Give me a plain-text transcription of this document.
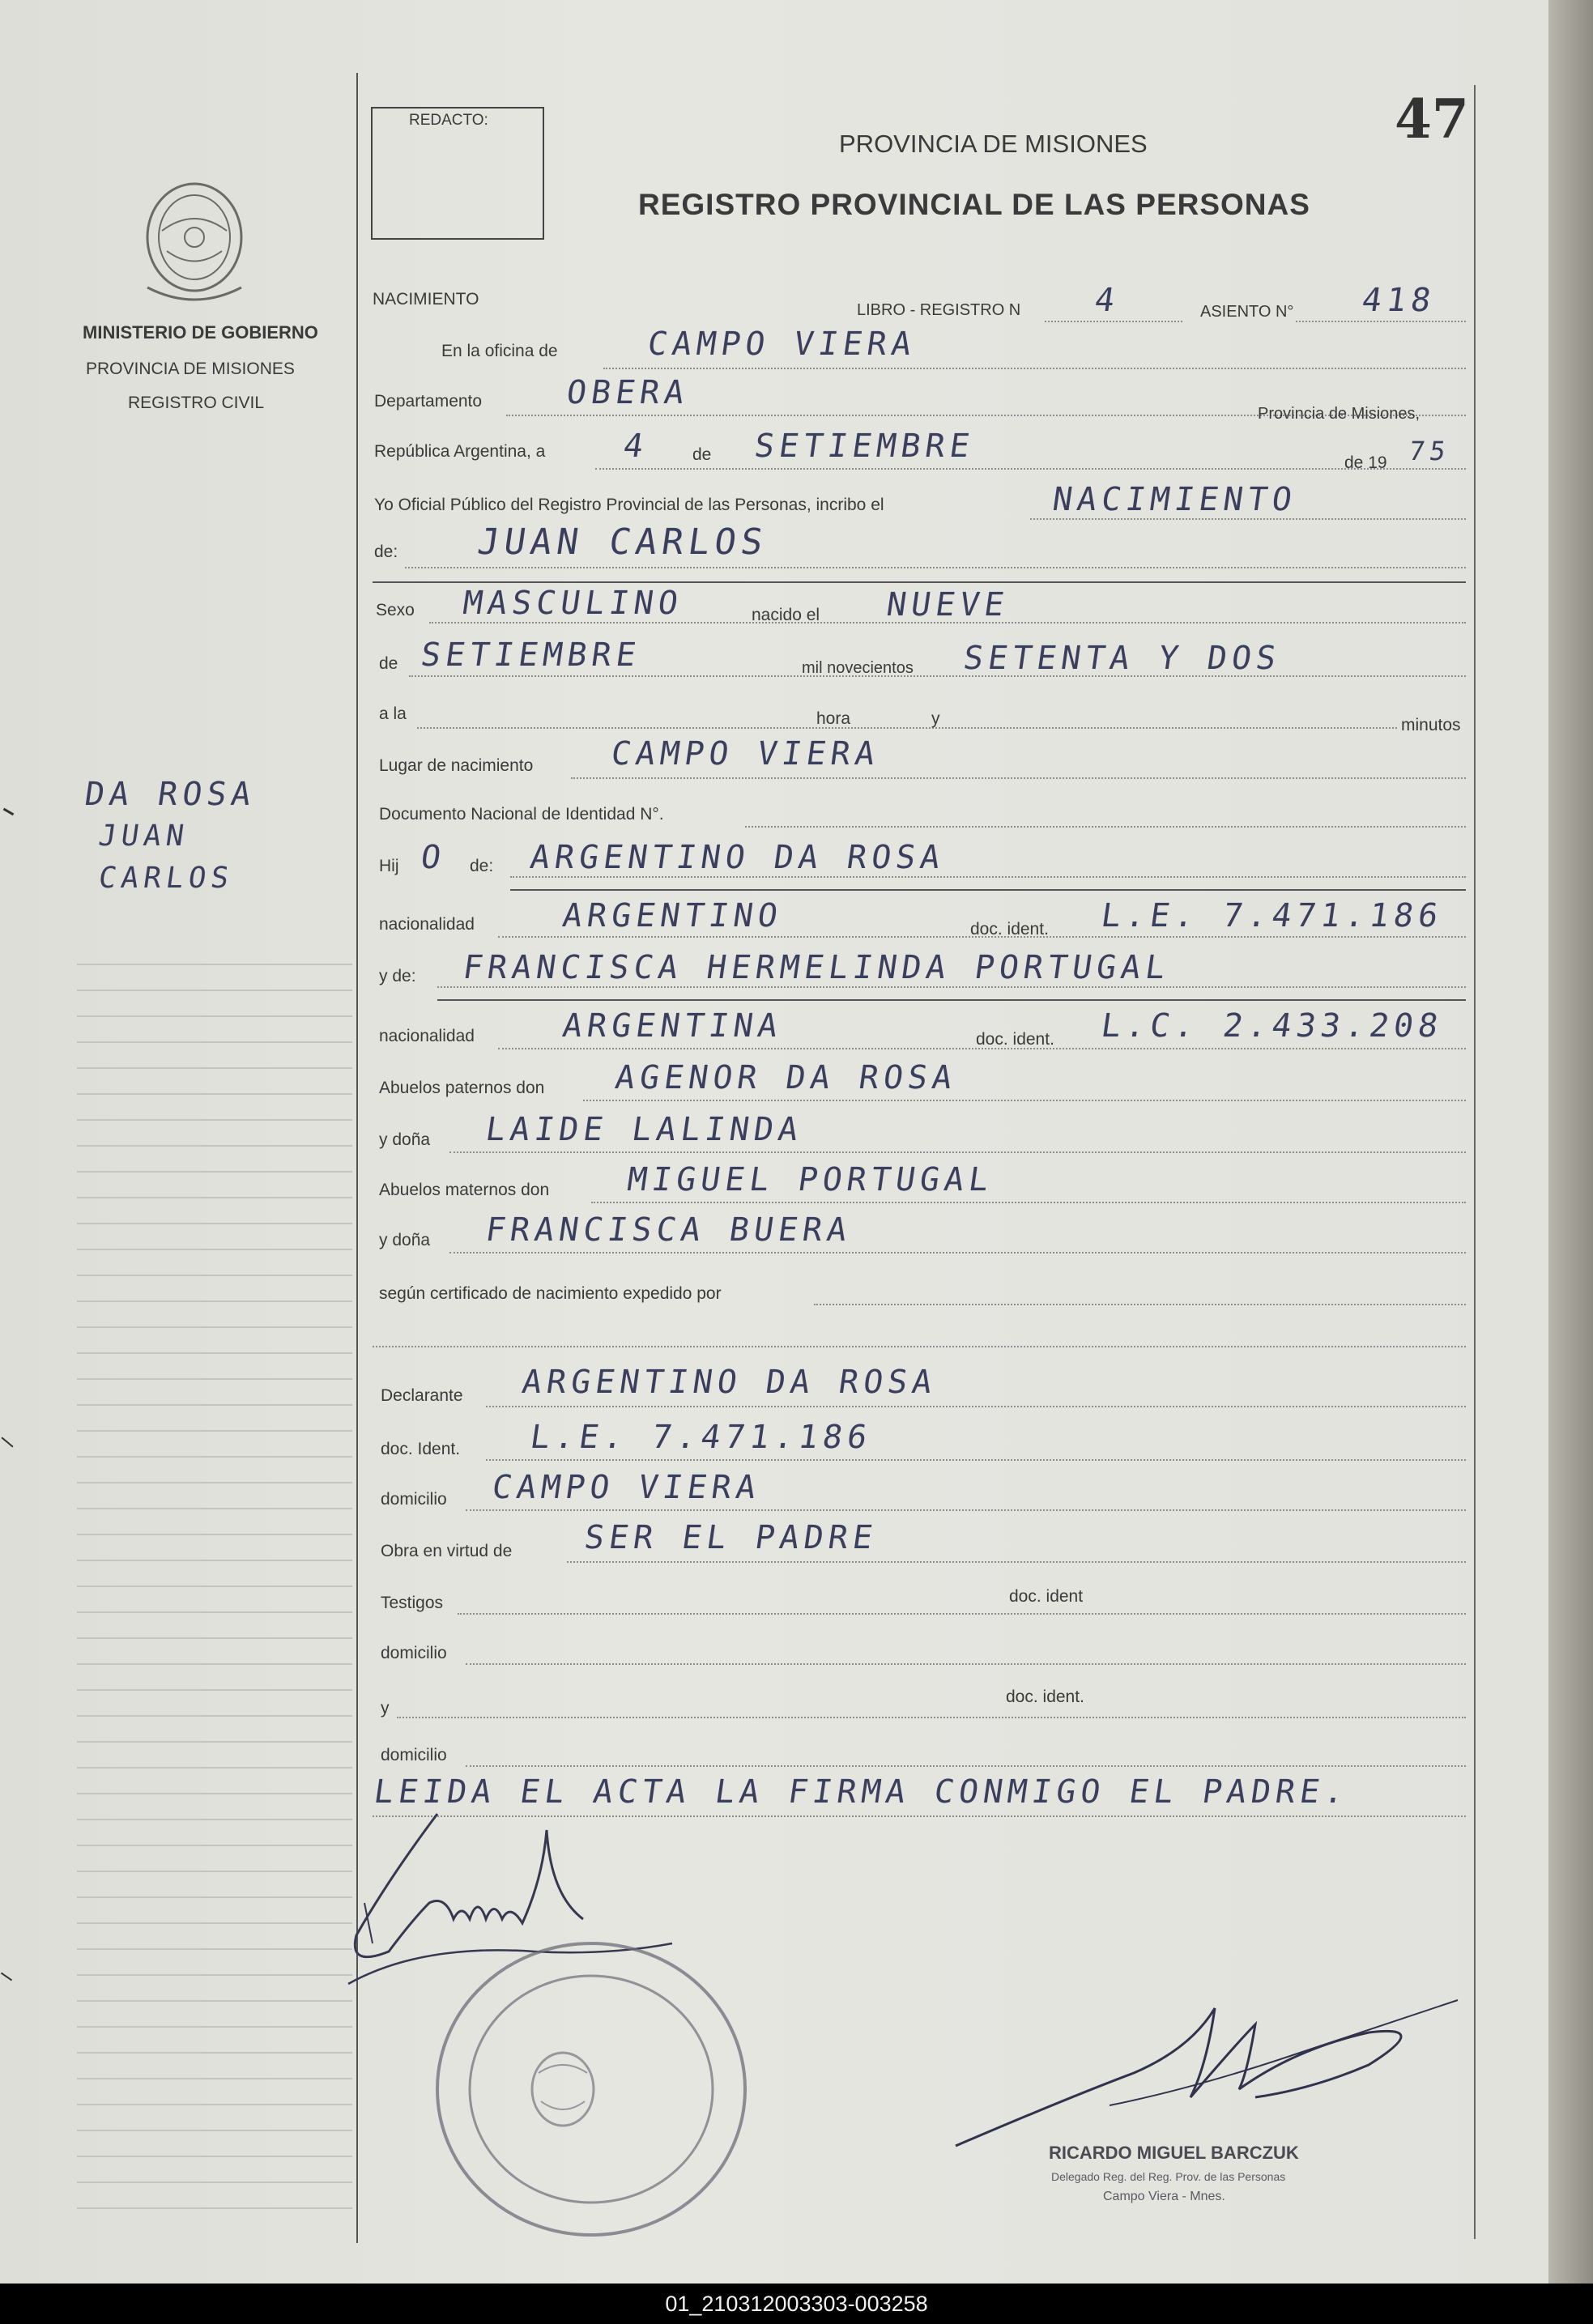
REDACTO:	47
PROVINCIA DE MISIONES
REGISTRO PROVINCIAL DE LAS PERSONAS
MINISTERIO DE GOBIERNO
PROVINCIA DE MISIONES
REGISTRO CIVIL
DA ROSA
JUAN
CARLOS
NACIMIENTO
LIBRO - REGISTRO N 4	ASIENTO N° 418
En la oficina de	CAMPO VIERA
Departamento	OBERA
Provincia de Misiones,
República Argentina, a 4 de SETIEMBRE	de 19 75
Yo Oficial Público del Registro Provincial de las Personas, incribo el	NACIMIENTO
de: JUAN CARLOS
Sexo MASCULINO	nacido el NUEVE
de SETIEMBRE	mil novecientos SETENTA Y DOS
a la	hora	y	minutos
Lugar de nacimiento CAMPO VIERA
Documento Nacional de Identidad N°.
Hij O de: ARGENTINO DA ROSA
nacionalidad	ARGENTINO	doc. ident. L.E. 7.471.186
y de: FRANCISCA HERMELINDA PORTUGAL
nacionalidad	ARGENTINA	doc. ident. L.C. 2.433.208
Abuelos paternos don AGENOR DA ROSA
y doña LAIDE LALINDA
Abuelos maternos don MIGUEL PORTUGAL
y doña FRANCISCA BUERA
según certificado de nacimiento expedido por
Declarante ARGENTINO DA ROSA
doc. Ident. L.E. 7.471.186
domicilio CAMPO VIERA
Obra en virtud de SER EL PADRE
Testigos	doc. ident
domicilio
y
doc. ident.
domicilio
LEIDA EL ACTA LA FIRMA CONMIGO EL PADRE.
RICARDO MIGUEL BARCZUK
Delegado Reg. del Reg. Prov. de las Personas
Campo Viera - Mnes.
01_210312003303-003258
